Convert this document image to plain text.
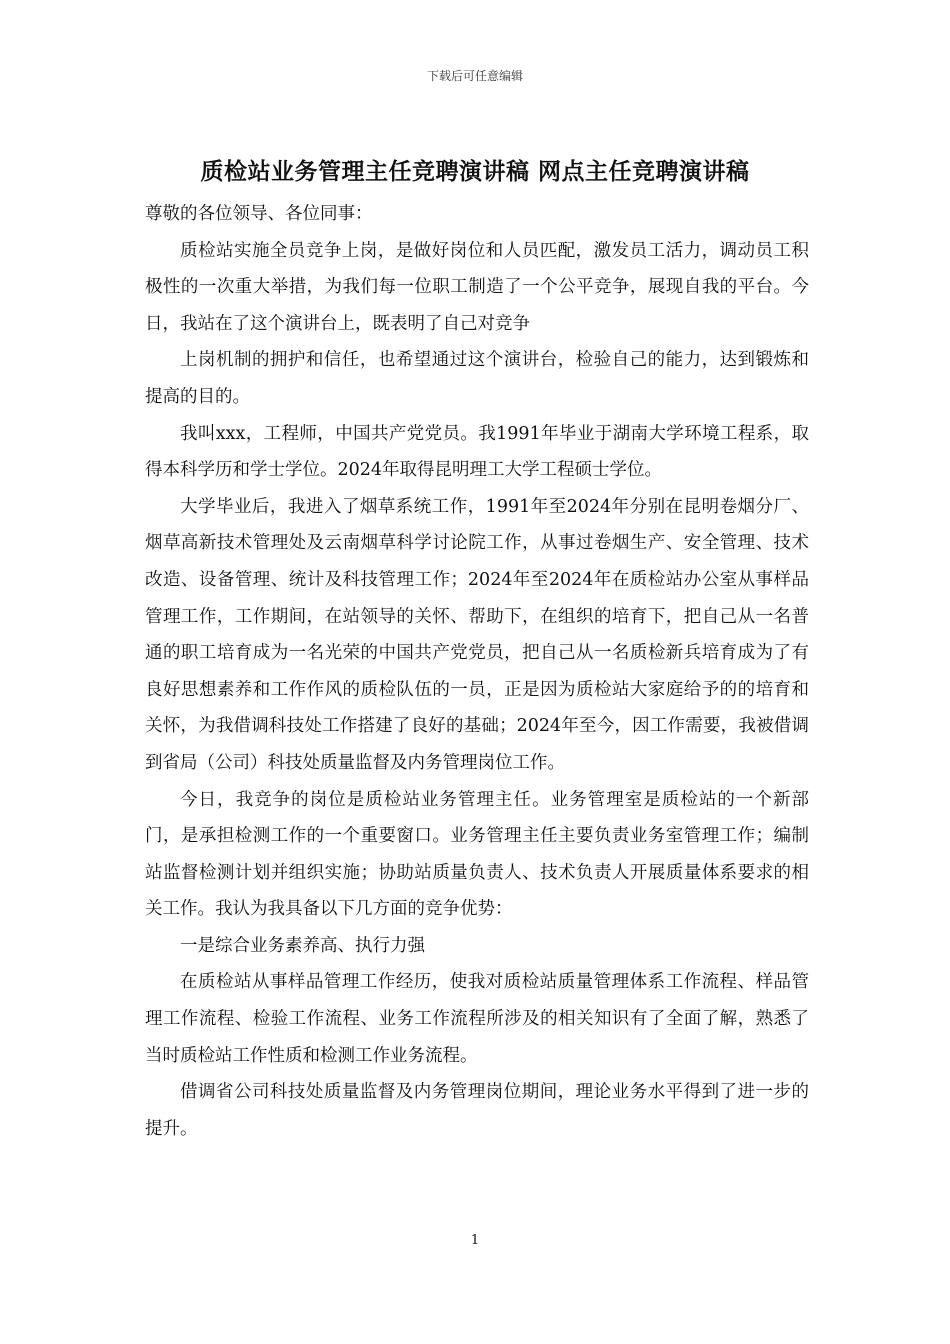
下载后可任意编辑
质检站业务管理主任竞聘演讲稿 网点主任竞聘演讲稿

尊敬的各位领导、各位同事：

质检站实施全员竞争上岗，是做好岗位和人员匹配，激发员工活力，调动员工积极性的一次重大举措，为我们每一位职工制造了一个公平竞争，展现自我的平台。今日，我站在了这个演讲台上，既表明了自己对竞争

上岗机制的拥护和信任，也希望通过这个演讲台，检验自己的能力，达到锻炼和提高的目的。

我叫xxx，工程师，中国共产党党员。我1991年毕业于湖南大学环境工程系，取得本科学历和学士学位。2024年取得昆明理工大学工程硕士学位。

大学毕业后，我进入了烟草系统工作，1991年至2024年分别在昆明卷烟分厂、烟草高新技术管理处及云南烟草科学讨论院工作，从事过卷烟生产、安全管理、技术改造、设备管理、统计及科技管理工作；2024年至2024年在质检站办公室从事样品管理工作，工作期间，在站领导的关怀、帮助下，在组织的培育下，把自己从一名普通的职工培育成为一名光荣的中国共产党党员，把自己从一名质检新兵培育成为了有良好思想素养和工作作风的质检队伍的一员，正是因为质检站大家庭给予的的培育和关怀，为我借调科技处工作搭建了良好的基础；2024年至今，因工作需要，我被借调到省局（公司）科技处质量监督及内务管理岗位工作。

今日，我竞争的岗位是质检站业务管理主任。业务管理室是质检站的一个新部门，是承担检测工作的一个重要窗口。业务管理主任主要负责业务室管理工作；编制站监督检测计划并组织实施；协助站质量负责人、技术负责人开展质量体系要求的相关工作。我认为我具备以下几方面的竞争优势：

一是综合业务素养高、执行力强

在质检站从事样品管理工作经历，使我对质检站质量管理体系工作流程、样品管理工作流程、检验工作流程、业务工作流程所涉及的相关知识有了全面了解，熟悉了当时质检站工作性质和检测工作业务流程。

借调省公司科技处质量监督及内务管理岗位期间，理论业务水平得到了进一步的提升。

1
